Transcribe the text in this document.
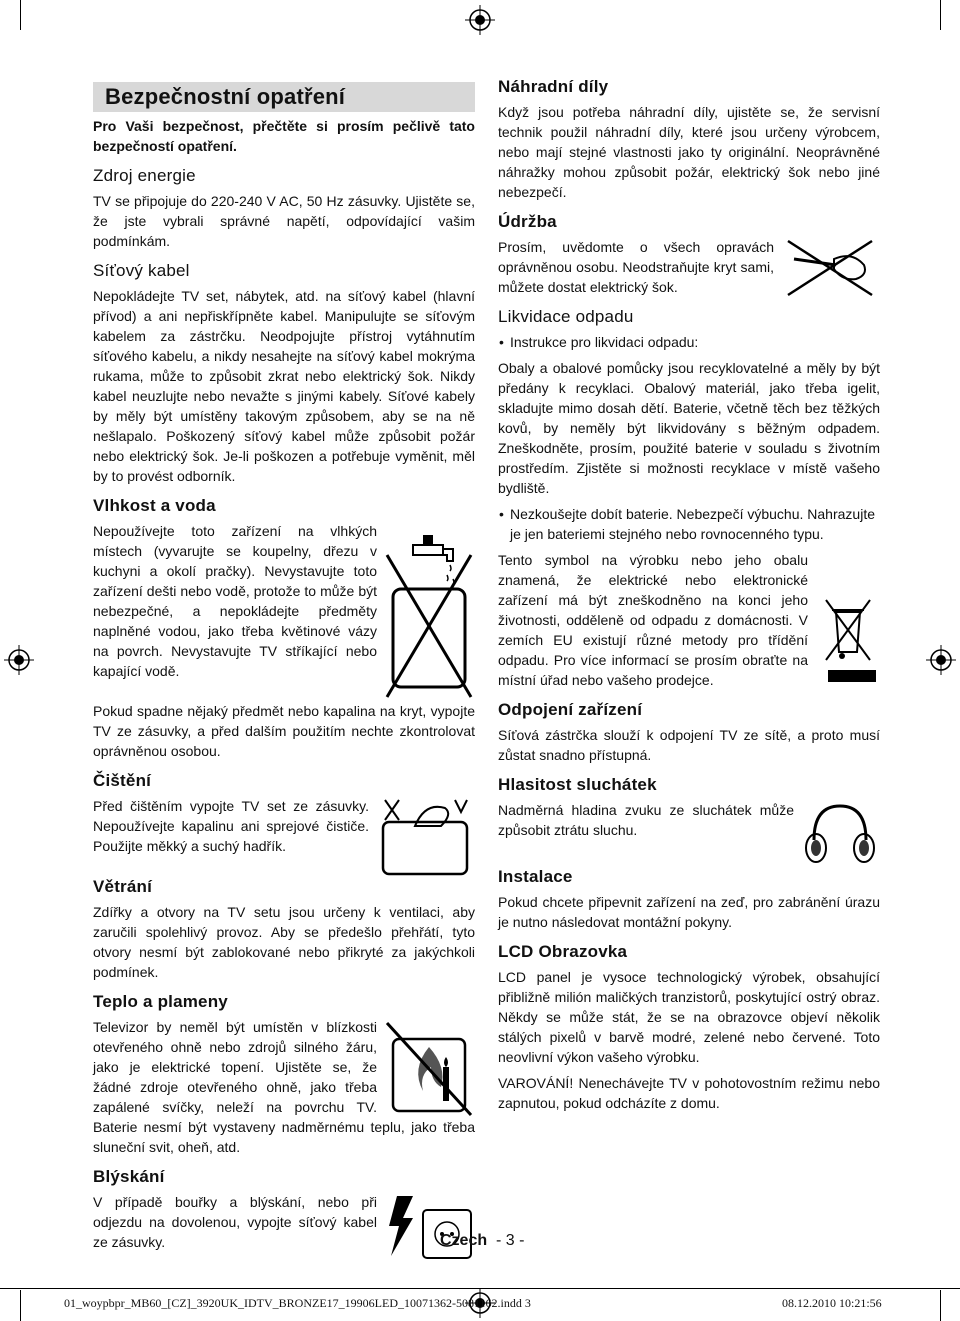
Bezpečnostní opatření

Pro Vaši bezpečnost, přečtěte si prosím pečlivě tato bezpečností opatření.

Zdroj energie

TV se připojuje do 220-240 V AC, 50 Hz zásuvky. Ujistěte se, že jste vybrali správné napětí, odpovídající vašim podmínkám.

Síťový kabel

Nepokládejte TV set, nábytek, atd. na síťový kabel (hlavní přívod) a ani nepřiskřípněte kabel. Manipulujte se síťovým kabelem za zástrčku. Neodpojujte přístroj vytáhnutím síťového kabelu, a nikdy nesahejte na síťový kabel mokrýma rukama, může to způsobit zkrat nebo elektrický šok. Nikdy kabel neuzlujte nebo nevažte s jinými kabely. Síťové kabely by měly být umístěny takovým způsobem, aby se na ně nešlapalo. Poškozený síťový kabel může způsobit požár nebo elektrický šok. Je-li poškozen a potřebuje vyměnit, měl by to provést odborník.

Vlhkost a voda

Nepoužívejte toto zařízení na vlhkých místech (vyvarujte se koupelny, dřezu v kuchyni a okolí pračky). Nevystavujte toto zařízení dešti nebo vodě, protože to může být nebezpečné, a nepokládejte předměty naplněné vodou, jako třeba květinové vázy na povrch. Nevystavujte TV stříkající nebo kapající vodě.

Pokud spadne nějaký předmět nebo kapalina na kryt, vypojte TV ze zásuvky, a před dalším použitím nechte zkontrolovat oprávněnou osobou.

Čištění

Před čištěním vypojte TV set ze zásuvky. Nepoužívejte kapalinu ani sprejové čističe. Použijte měkký a suchý hadřík.

Větrání

Zdířky a otvory na TV setu jsou určeny k ventilaci, aby zaručili spolehlivý provoz. Aby se předešlo přehřátí, tyto otvory nesmí být zablokované nebo přikryté za jakýchkoli podmínek.

Teplo a plameny

Televizor by neměl být umístěn v blízkosti otevřeného ohně nebo zdrojů silného žáru, jako je elektrické topení. Ujistěte se, že žádné zdroje otevřeného ohně, jako třeba zapálené svíčky, neleží na povrchu TV. Baterie nesmí být vystaveny nadměrnému teplu, jako třeba sluneční svit, oheň, atd.

Blýskání

V případě bouřky a blýskání, nebo při odjezdu na dovolenou, vypojte síťový kabel ze zásuvky.

Náhradní díly

Když jsou potřeba náhradní díly, ujistěte se, že servisní technik použil náhradní díly, které jsou určeny výrobcem, nebo mají stejné vlastnosti jako ty originální. Neoprávněné náhražky mohou způsobit požár, elektrický šok nebo jiné nebezpečí.

Údržba

Prosím, uvědomte o všech opravách oprávněnou osobu. Neodstraňujte kryt sami, můžete dostat elektrický šok.

Likvidace odpadu
• Instrukce pro likvidaci odpadu:

Obaly a obalové pomůcky jsou recyklovatelné a měly by být předány k recyklaci. Obalový materiál, jako třeba igelit, skladujte mimo dosah dětí. Baterie, včetně těch bez těžkých kovů, by neměly být likvidovány s běžným odpadem. Zneškodněte, prosím, použité baterie v souladu s životním prostředím. Zjistěte si možnosti recyklace v místě vašeho bydliště.

• Nezkoušejte dobít baterie. Nebezpečí výbuchu. Nahrazujte je jen bateriemi stejného nebo rovnocenného typu.

Tento symbol na výrobku nebo jeho obalu znamená, že elektrické nebo elektronické zařízení má být zneškodněno na konci jeho životnosti, odděleně od odpadu z domácnosti. V zemích EU existují různé metody pro třídění odpadu. Pro více informací se prosím obraťte na místní úřad nebo vašeho prodejce.

Odpojení zařízení

Síťová zástrčka slouží k odpojení TV ze sítě, a proto musí zůstat snadno přístupná.

Hlasitost sluchátek

Nadměrná hladina zvuku ze sluchátek může způsobit ztrátu sluchu.

Instalace

Pokud chcete připevnit zařízení na zeď, pro zabránění úrazu je nutno následovat montážní pokyny.

LCD Obrazovka

LCD panel je vysoce technologický výrobek, obsahující přibližně milión maličkých tranzistorů, poskytující ostrý obraz. Někdy se může stát, že se na obrazovce objeví několik stálých pixelů v barvě modré, zelené nebo červené. Toto neovlivní výkon vašeho výrobku.

VAROVÁNÍ! Nenechávejte TV v pohotovostním režimu nebo zapnutou, pokud odcházíte z domu.

Czech - 3 -
01_woypbpr_MB60_[CZ]_3920UK_IDTV_BRONZE17_19906LED_10071362-5081162.indd 3	08.12.2010 10:21:56
